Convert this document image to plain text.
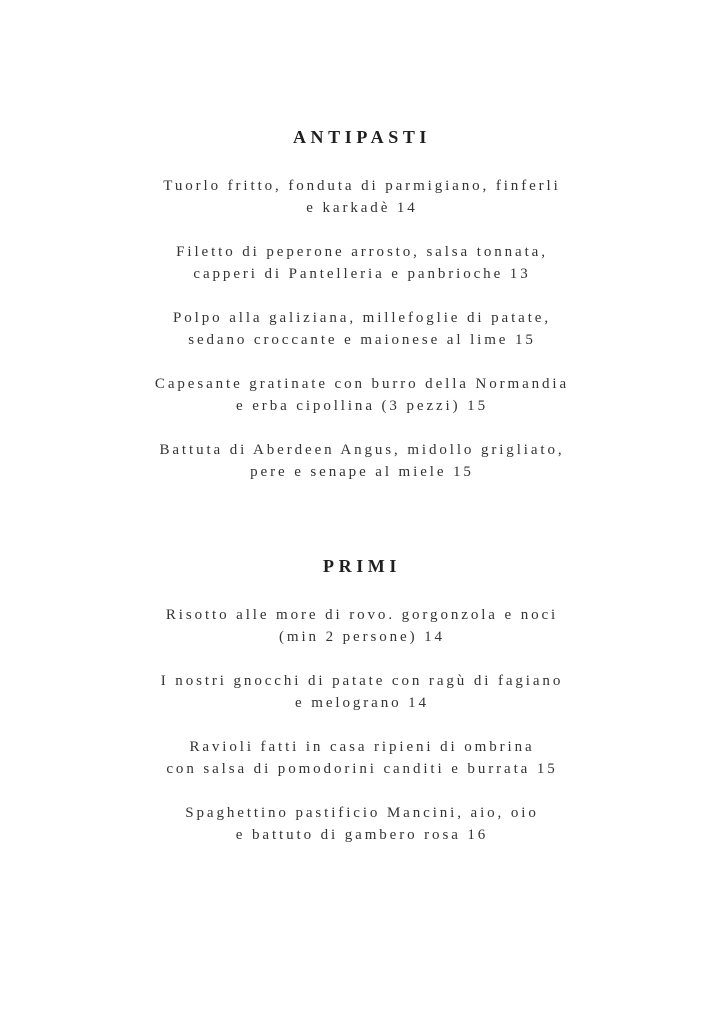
ANTIPASTI
Tuorlo fritto, fonduta di parmigiano, finferli
e karkadè 14
Filetto di peperone arrosto, salsa tonnata,
capperi di Pantelleria e panbrioche 13
Polpo alla galiziana, millefoglie di patate,
sedano croccante e maionese al lime 15
Capesante gratinate con burro della Normandia
e erba cipollina (3 pezzi) 15
Battuta di Aberdeen Angus, midollo grigliato,
pere e senape al miele 15
PRIMI
Risotto alle more di rovo. gorgonzola e noci
(min 2 persone) 14
I nostri gnocchi di patate con ragù di fagiano
e melograno 14
Ravioli fatti in casa ripieni di ombrina
con salsa di pomodorini canditi e burrata 15
Spaghettino pastificio Mancini, aio, oio
e battuto di gambero rosa 16
